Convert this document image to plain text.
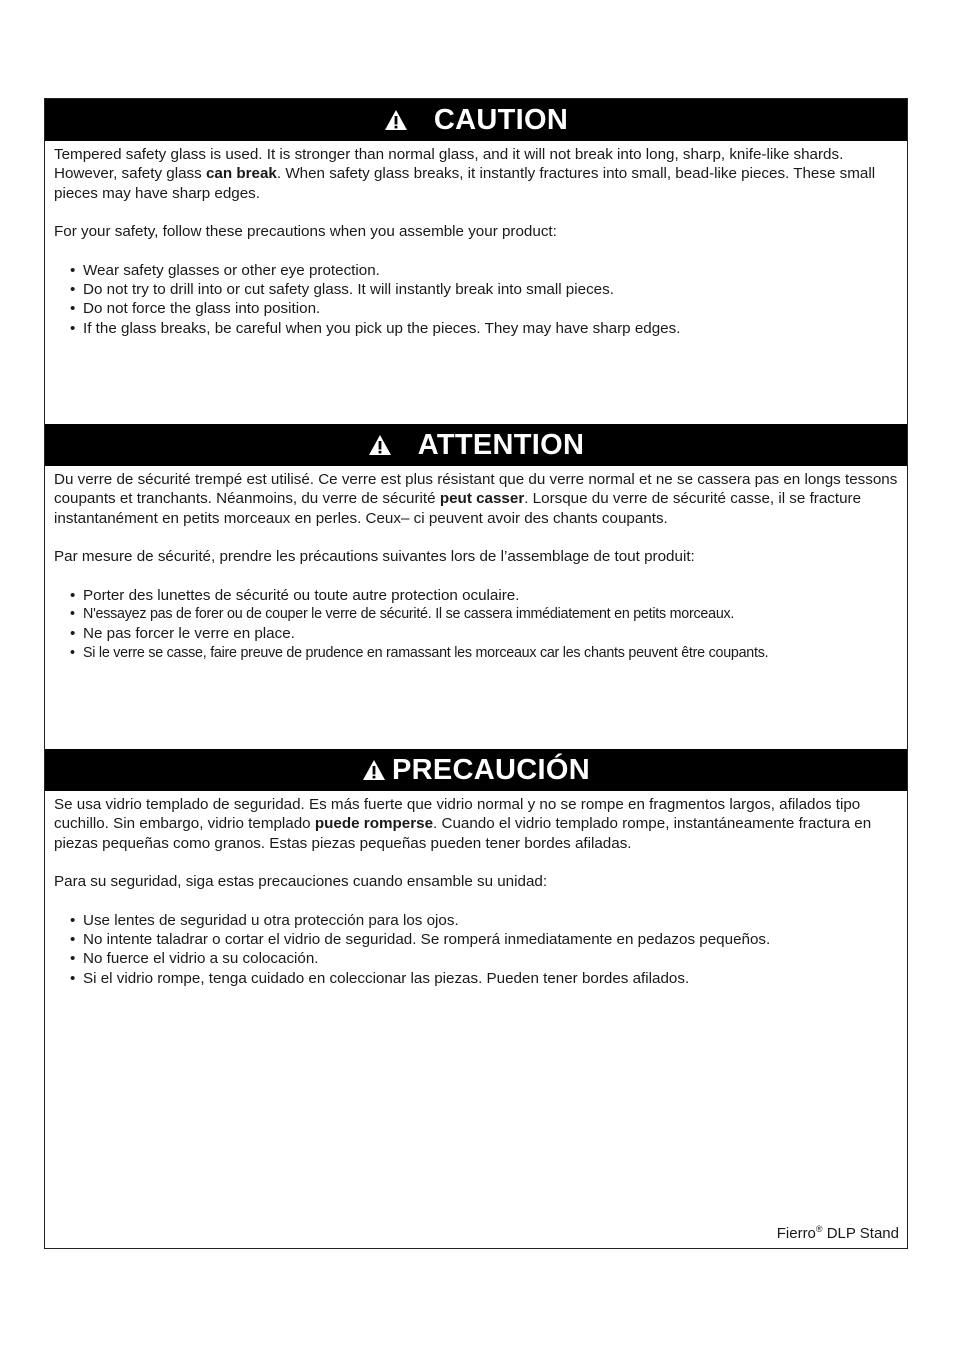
CAUTION

Tempered safety glass is used. It is stronger than normal glass, and it will not break into long, sharp, knife-like shards. However, safety glass can break. When safety glass breaks, it instantly fractures into small, bead-like pieces. These small pieces may have sharp edges.

For your safety, follow these precautions when you assemble your product:

• Wear safety glasses or other eye protection.
• Do not try to drill into or cut safety glass. It will instantly break into small pieces.
• Do not force the glass into position.
• If the glass breaks, be careful when you pick up the pieces. They may have sharp edges.
ATTENTION

Du verre de sécurité trempé est utilisé. Ce verre est plus résistant que du verre normal et ne se cassera pas en longs tessons coupants et tranchants. Néanmoins, du verre de sécurité peut casser. Lorsque du verre de sécurité casse, il se fracture instantanément en petits morceaux en perles. Ceux– ci peuvent avoir des chants coupants.

Par mesure de sécurité, prendre les précautions suivantes lors de l’assemblage de tout produit:

• Porter des lunettes de sécurité ou toute autre protection oculaire.
• N'essayez pas de forer ou de couper le verre de sécurité. Il se cassera immédiatement en petits morceaux.
• Ne pas forcer le verre en place.
• Si le verre se casse, faire preuve de prudence en ramassant les morceaux car les chants peuvent être coupants.
PRECAUCIÓN

Se usa vidrio templado de seguridad. Es más fuerte que vidrio normal y no se rompe en fragmentos largos, afilados tipo cuchillo. Sin embargo, vidrio templado puede romperse. Cuando el vidrio templado rompe, instantáneamente fractura en piezas pequeñas como granos. Estas piezas pequeñas pueden tener bordes afiladas.

Para su seguridad, siga estas precauciones cuando ensamble su unidad:

• Use lentes de seguridad u otra protección para los ojos.
• No intente taladrar o cortar el vidrio de seguridad. Se romperá inmediatamente en pedazos pequeños.
• No fuerce el vidrio a su colocación.
• Si el vidrio rompe, tenga cuidado en coleccionar las piezas. Pueden tener bordes afilados.
Fierro® DLP Stand
